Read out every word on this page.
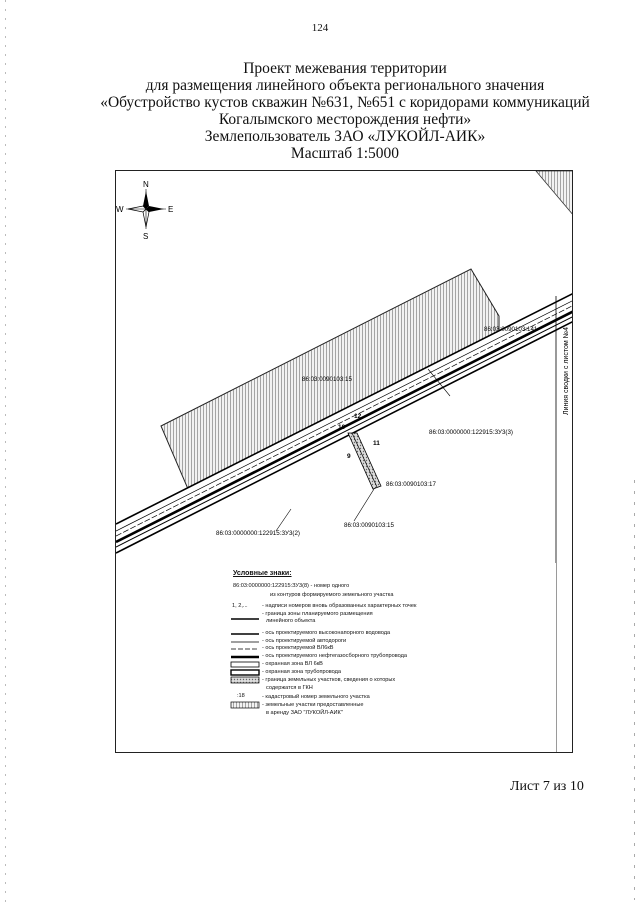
124
Проект межевания территории
для размещения линейного объекта регионального значения
«Обустройство кустов скважин №631, №651 с коридорами коммуникаций
Когалымского месторождения нефти»
Землепользователь ЗАО «ЛУКОЙЛ-АИК»
Масштаб 1:5000
Линия сводки с листом №4
N
S
W	E
86:03:0090103:141
86:03:0090103:15
86:03:0000000:122915:ЗУ3(3)
86:03:0090103:17
86:03:0090103:15
86:03:0000000:122915:ЗУ3(2)
12
10
11
9
Условные знаки:
86:03:0000000:122915:ЗУ3(8) - номер одного
из контуров формируемого земельного участка
1, 2,...	- надписи номеров вновь образованных характерных точек
- граница зоны планируемого размещения
линейного объекта
- ось проектируемого высоконапорного водовода
- ось проектируемой автодороги
- ось проектируемой ВЛ6кВ
- ось проектируемого нефтегазосборного трубопровода
- охранная зона ВЛ 6кВ
- охранная зона трубопровода
- граница земельных участков, сведения о которых
содержатся в ГКН
:18	- кадастровый номер земельного участка
- земельные участки предоставленные
в аренду ЗАО "ЛУКОЙЛ-АИК"
Лист 7 из 10
